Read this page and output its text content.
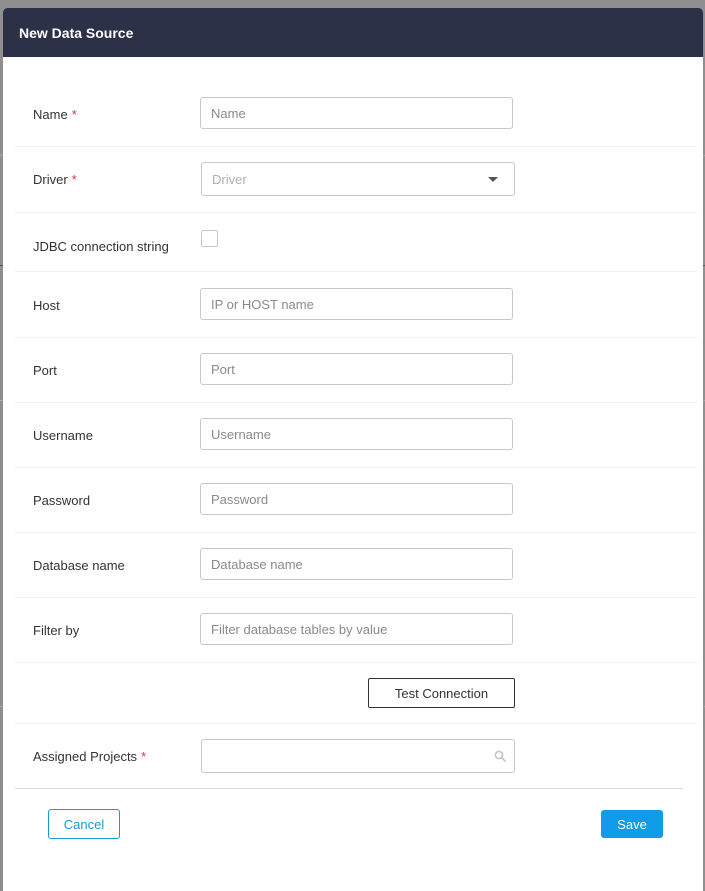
New Data Source
Name *
Name
Driver *	Driver
JDBC connection string
Host
IP or HOST name
Port
Port
Username
Username
Password
Database name
Database name
Filter by
Filter database tables by value
Test Connection
Assigned Projects *
Cancel	Save
